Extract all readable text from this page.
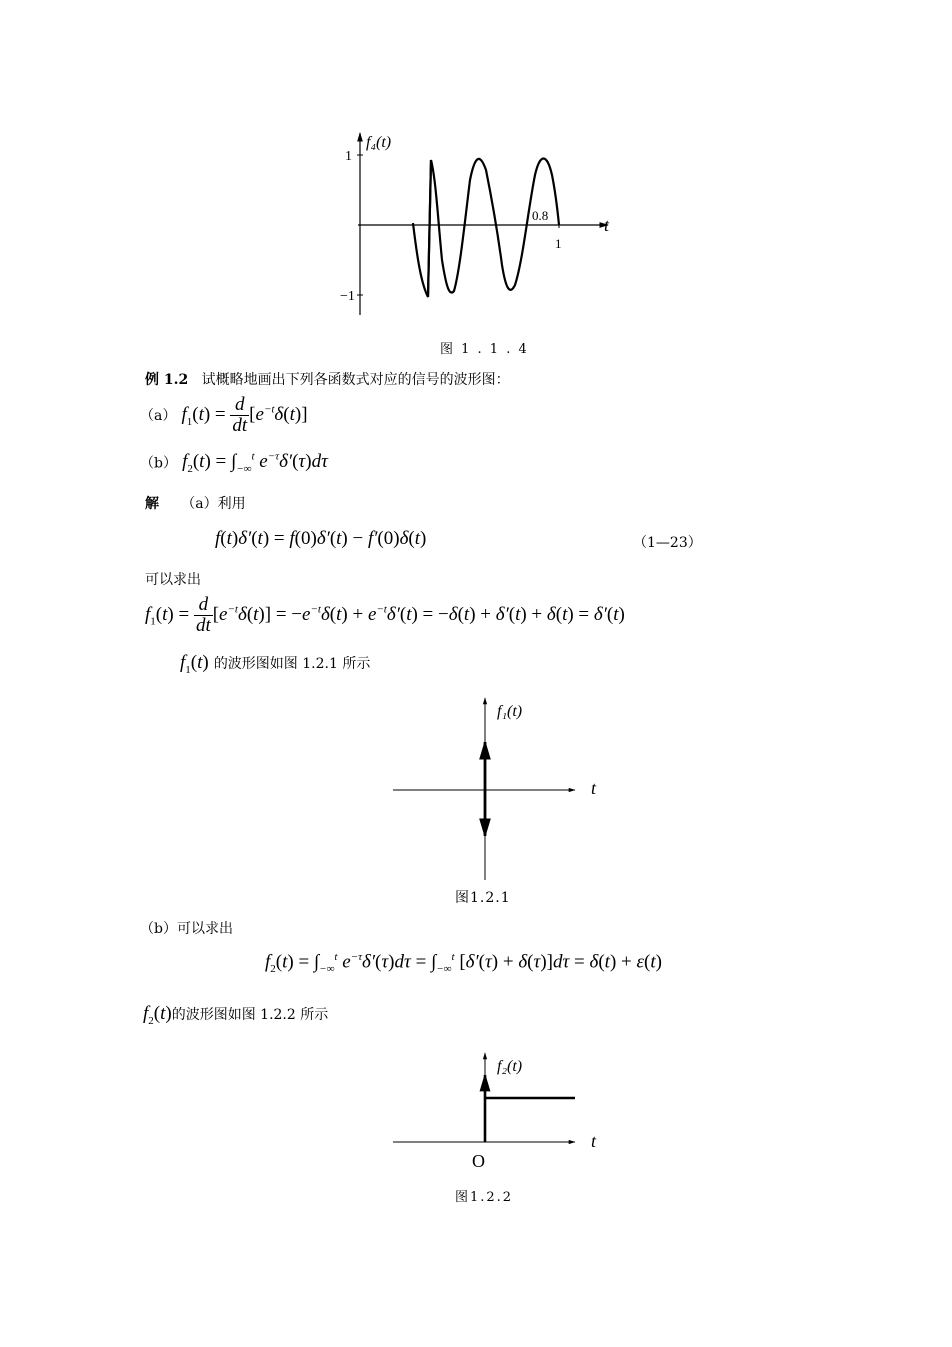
f₄(t)
1
−1
t
0.8
1
图 1 . 1 . 4
例 1.2 试概略地画出下列各函数式对应的信号的波形图：
（a） $f_1(t) = \frac{d}{dt} [e^{-t}\delta(t)]$
（b） $f_2(t) = \int_{-\infty}^t$ $e^{-\tau}\delta'(\tau)d\tau$
解 （a）利用
f(t)δ′(t) = f(0)δ′(t) − f′(0)δ(t)	（1—23）
可以求出
$f_1(t) = \frac{d}{dt} [e^{-t}\delta(t)] = -e^{-t}\delta(t) + e^{-t}\delta'(t) = -\delta(t) + \delta'(t) + \delta(t) = \delta'(t)$
$f_1(t)$ 的波形图如图 1.2.1 所示
f₁(t)
t
图1.2.1
（b）可以求出
$f_2(t) = \int_{-\infty}^t$ $e^{-\tau}\delta'(\tau)d\tau = \int_{-\infty}^t$ [δ′(τ) + δ(τ)]dτ = δ(t) + ε(t)
$f_2(t)$的波形图如图 1.2.2 所示
f₂(t)
t
O
图1.2.2
